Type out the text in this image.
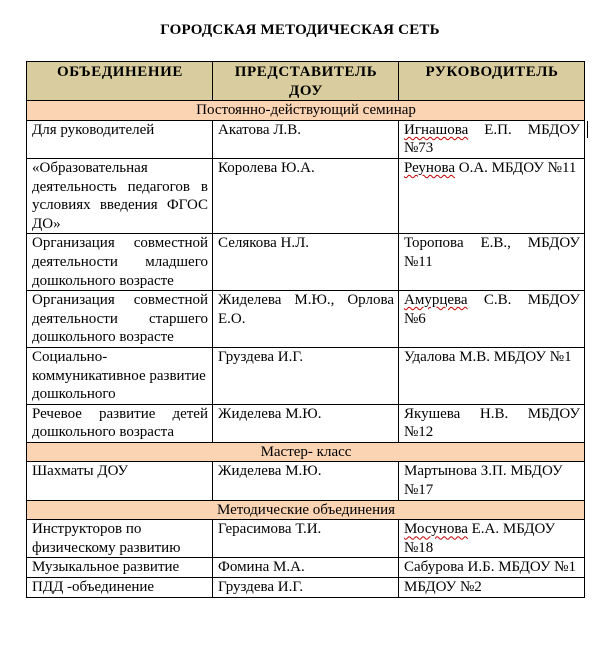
ГОРОДСКАЯ МЕТОДИЧЕСКАЯ СЕТЬ
ОБЪЕДИНЕНИЕ	ПРЕДСТАВИТЕЛЬ ДОУ	РУКОВОДИТЕЛЬ
Постоянно-действующий семинар		
Для руководителей	Акатова Л.В.	Игнашова Е.П. МБДОУ №73
«Образовательная деятельность педагогов в условиях введения ФГОС ДО»	Королева Ю.А.	Реунова О.А. МБДОУ №11
Организация совместной деятельности младшего дошкольного возрасте	Селякова Н.Л.	Торопова Е.В., МБДОУ №11
Организация совместной деятельности старшего дошкольного возрасте	Жиделева М.Ю., Орлова Е.О.	Амурцева С.В. МБДОУ №6
Социально-коммуникативное развитие дошкольного	Груздева И.Г.	Удалова М.В. МБДОУ №1
Речевое развитие детей дошкольного возраста	Жиделева М.Ю.	Якушева Н.В. МБДОУ №12
Мастер- класс		
Шахматы ДОУ	Жиделева М.Ю.	Мартынова З.П. МБДОУ №17
Методические объединения		
Инструкторов по физическому развитию	Герасимова Т.И.	Мосунова Е.А. МБДОУ №18
Музыкальное развитие	Фомина М.А.	Сабурова И.Б. МБДОУ №1
ПДД -объединение	Груздева И.Г.	МБДОУ №2
